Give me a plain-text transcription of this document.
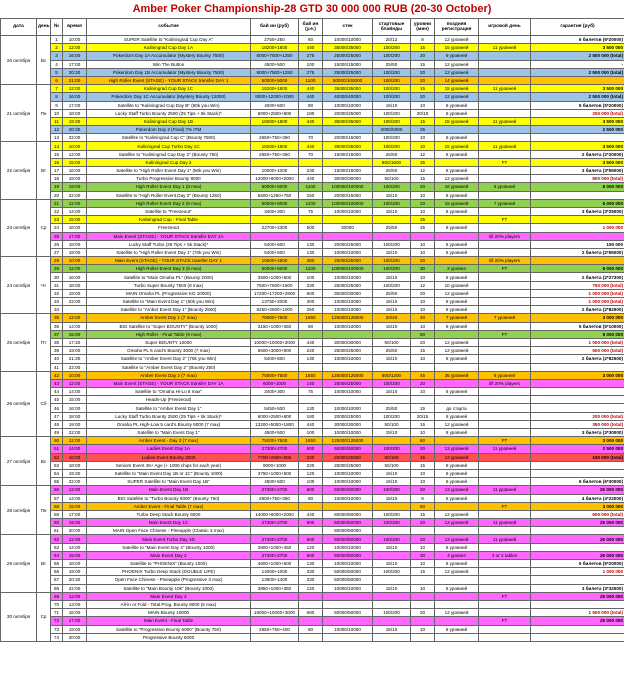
Amber Poker Championship-28 GTD 30 000 000 RUB (20-30 October)
дата	день	№	время	событие	бай ин (руб)	бай ин (у.е.)	стек	стартовые блайнды	уровни (мин)	поздняя регистрация	игровой день	гарантия (руб)
20 октября	Вс	1	10:00	SUPER Satellite to "Kaliningrad Cup Day A"	2750+250	60	10000/10000	20/12	8	12 уровней		6 билетов (6*20000)
		2	12:00	Kaliningrad Cup Day 1A	18200+1800	440	35000/35000	100/200	15	15 уровней	11 уровней	3 500 000
		3	16:00	Pokerdom Day 1A Accumulator (Mystery Bounty 7500)	5000+7500+1250	275	25000/25000	100/200	20	9 уровней		2 500 000 (total)
		4	17:00	Win The Button	4500+500	100	15000/15000	25/50	15	12 уровней		-
		5	20:30	Pokerdom Day 1B Accumulator (Mystery Bounty 7500)	5000+7500+1250	275	25000/25000	100/200	20	12 уровней		2 500 000 (total)
		6	21:00	High Roller Event (STAGE) - YOUR STACK transfer DAY 1	50000+5000	1100	50000/100000	100/200	20	14 уровней		
21 октября	Пн	7	12:00	Kaliningrad Cup Day 1C	18200+1800	440	35000/35000	100/200	15	15 уровней	11 уровней	3 500 000
		8	16:00	Pokerdom Day 1C Accumulator (Mystery Bounty 12000)	8000+12000+2000	440	40000/40000	100/200	20	12 уровней		2 500 000 (total)
		9	17:00	Satellite to "Kaliningrad Cup Day B" (50k you Win)	4000+500	90	10000/10000	15/10	10	6 уровней		5 билетов (5*20000)
		10	18:00	Lucky Staff Turbo Bounty 2500 (25 Tips + 5k Stack)*	6000+2500+800	180	20000/25000	100/200	20/15	6 уровней		250 000 (total)
		11	19:30	Kaliningrad Cup Day 1B	18200+1800	440	35000/35000	100/200	15	15 уровней	11 уровней	3 500 000
		12	20:30	Pokerdom Day 2 (Final) 7% ITM				2000/5000	25			2 500 000
		13	22:00	Satellite to "Kaliningrad Cup C" (Bounty 7500)	2650+750+350	70	20000/15000	100/200	10	6 уровней		
22 октября	Вт	14	10:00	Kaliningrad Cup Turbo Day 1C	18200+1800	440	35000/35000	100/200	10	15 уровней	11 уровней	3 500 000
		15	12:00	Satellite to "Kaliningrad Cup Day 2" (Bounty 750)	2650+750+350	70	15000/15000	25/50	12	6 уровней		2 билета (2*20000)
		16	15:00	Kaliningrad Cup Day 2				800/1600	35		FT	3 500 000
		17	16:00	Satellite to "High Roller Event Day 1" (50k you Win)	10000+1000	230	15000/15000	25/50	12	6 уровней		3 билета (3*55000)
		18	19:00	Turbo Progressive Bounty 8000	12000+8000+2000	440	30000/30000	50/100	15	12 уровней		800 000 (total)
		19	19:00	High Roller Event Day 1 (8 max)	50000+5000	1100	100000/100000	100/200	20	16 уровней	6 уровней	6 000 000
		20	22:00	Satellite to "High Roller Event Day 2" (Bounty 1250)	5500+1250+750	150	20000/15000	15/10	10	6 уровней		
23 октября	Ср	21	12:00	High Roller Event Day 2 (8 max)	50000+5000	1100	100000/100000	100/200	20	16 уровней	7 уровней	6 000 000
		22	14:00	Satellite to "Freezeout"	3400+300	75	10000/10000	15/10	10	6 уровней		3 билета (3*25000)
		23	15:00	Kaliningrad Cup - Final Table					35		FT	
		24	16:00	Freezeout	22700+2300	500	30000	25/50	25	8 уровней		1 000 000
		25	17:00	Main Event (STAGE) - YOUR STACK transfer DAY 1A							till 20% players	
		26	18:00	Lucky Staff Turbo (25 Tips + 5k Stack)*	5400+600	130	20000/25000	100/200	10	6 уровней		150 000
		27	19:00	Satellite to "High Roller Event Day 1" (70k you Win)	5400+500	130	10000/10000	15/10	10	6 уровней		2 билета (2*55000)
24 октября	Чт	28	10:00	Main Event (STAGE) - YOUR STACK transfer DAY 1	16500+2500	380	25000/25000	100/200	20		till 20% players	
		29	12:00	High Roller Event Day 3 (8 max)	50000+5000	1100	100000/100000	100/200	30	3 уровня	FT	6 000 000
		30	16:00	Satellite to "Main Omaha PL" (Bounty 2000)	3500+1000+500	100	10000/10000	15/10	10	6 уровней		2 билета (2*27300)
		31	18:00	Turbo Super Bounty 7500 (8 max)	7500+7500+1500	330	25000/25000	100/200	12	10 уровней		750 000 (total)
		32	19:00	MAIN Omaha PL (Progressive KO 10000)	17200+17200+2800	600	30000/30000	25/50	20	12 уровней		1 000 000 (total)
		33	22:00	Satellite to "Main Event Day 1" (60k you Win)	13750+2000	300	10000/10000	15/10	10	6 уровней		1 000 000 (total)
		34		Satellite to "Amber Event Day 1" (Bounty 2500)	8250+2500+1000	250	10000/10000	15/10	10	6 уровней		2 билета (2*82500)
25 октября	Пт	35	12:00	Amber Event Day 1 (7 max)	75000+7500	1650	125000/125000	20/40	40	7 уровней	7 уровней	3 000 000
		36	14:00	BIG Satellite to "Super BOUNTY" (Bounty 1000)	3150+1000+350	90	10000/10000	15/10	10	6 уровней		5 билетов (5*10000)
		37	15:00	High Roller - Final Table (9 max)					60		FT	6 000 000
		38	17:30	Super BOUNTY 10000	10000+10000+2000	440	30000/30000	50/100	20	12 уровней		1 000 000 (total)
		39	19:00	Omaha PL 5 card's Bounty 3000 (7 max)	6500+3000+900	220	25000/25000	25/50	15	12 уровней		500 000 (total)
		40	21:30	Satellite to "Amber Event Day 2" (75k you Win)	5400+500	130	10000/10000	15/10	10	6 уровней		2 билета (2*82500)
		41	22:00	Satellite to "Amber Event Day 2" (Bounty 250)								
26 октября	Сб	42	10:00	Amber Event Day 2 (7 max)	75000+7500	1650	125000/125000	600/1200	45	35 уровней	6 уровней	3 000 000
		43	12:00	Main Event (STAGE) - YOUR STACK transfer DAY 1A	6000+1000	140	25000/25000	100/200	20		till 20% players	
		44	14:00	Satellite to "Omaha Hi-Lo 8 max"	3400+300	75	10000/10000	15/10	10	6 уровней		
		45	15:00	Heads-Up (Freezeout)								
		46	16:00	Satellite to "Amber Event Day 1"	5450+500	130	10000/10000	25/50	15	до старта		
		47	18:00	Lucky Staff Turbo Bounty 2500 (25 Tips + 5k Stack)*	6000+2500+800	180	20000/25000	100/200	20/15	6 уровней		200 000 (total)
		48	19:00	Omaha PL High-Low 5 card's Bounty 5000 (7 max)	13200+5000+1800	440	30000/30000	50/100	15	12 уровней		350 000 (total)
		49	22:00	Satellite to "Main Event Day 1"	4500+500	100	10000/10000	15/10	10	6 уровней		3 билета (3*30000)
27 октября	Вс	50	12:00	Amber Event - Day 3 (7 max)	75000+7500	1650	125000/125000		60		FT	3 000 000
		51	14:00	Ladies Event Day 1A	27300+2700	600	50000/50000	100/200	20	13 уровней	11 уровней	2 500 000
		52	16:00	Ladies Event Bounty 2500	7700+2500+800	220	25000/25000	50/100	15	12 уровней		150 000 (total)
		53	18:00	Seniors Event 45+ Age (+ 1000 chips for each year)	9000+1000	220	25000/25000	50/100	15	8 уровней		
		54	19:30	Satellite to "Main Event Day 1B or 1C" (Bounty 1000)	3750+1000+500	120	10000/10000	15/10	10	6 уровней		
		55	22:00	SUPER Satellite to "Main Event Day 1B"	4500+500	100	10000/10000	15/10	10	6 уровней		6 билетов (6*30000)
28 октября	Пн	56	12:00	Main Event Day 1B	27300+2700	600	50000/50000	100/200	20	13 уровней	11 уровней	25 000 000
		57	14:00	BIG Satellite to "Turbo Bounty 6000" (Bounty 750)	2900+750+350	80	10000/10000	15/10	8	6 уровней		4 билета (4*22000)
		58	15:00	Amber Event - Final Table (7 max)					60		FT	3 000 000
		59	17:00	Turbo Deep Stack Bounty 6000	14000+6000+2000	440	60000/60000	100/200	15	12 уровней		600 000 (total)
		60	19:30	Main Event Day 1C	27300+2700	600	50000/50000	100/200	20	13 уровней	11 уровней	25 000 000
		61	20:00	MAIN Open Face Chinese - Pineapple (Classic 3 max)			50000/50000					
29 октября	Вт	62	12:00	Main Event Turbo Day 1D	27300+2700	600	50000/50000	100/200	20	13 уровней	11 уровней	25 000 000
		63	14:00	Satellite to "Main Event Day 2" (Bounty 1000)	3800+1000+450	120	10000/10000	15/10	10	6 уровней		
		64	15:00	Main Event Day 2	27300+2700	600	50000/50000		30	4 уровня	3 or 2 tables	25 000 000
		65	18:00	Satellite to "PHOENIX" (Bounty 1000)	4600+1000+500	130	10000/10000	15/10	10	6 уровней		5 билетов (5*20000)
		66	19:00	PHOENIX Turbo Deep Stack (DOUBLE LIFE)	14000+1000	330	50000/50000	100/200	15	12 уровней		1 000 000
		67	20:30	Open Face Chinese - Pineapple (Progressive 3 max)	13600+1400	330	50000/50000					
		68	22:00	Satellite to "Main Bounty 10k" (Bounty 1000)	3850+1000+350	120	10000/10000	15/10	10	6 уровней		3 билета (3*32500)
30 октября	Ср	69	12:00	Main Event Day 3							FT	25 000 000
		70	13:00	All-in or Fold - Total Prog. Bounty 8000 (6 max)								
		71	16:00	MAIN Bounty 10000	19000+10000+3000	680	50000/50000	100/200	20	12 уровней		1 500 000 (total)
		72	17:00	Main Event - Final Table							FT	25 000 000
		73	19:00	Satellite to "Progressive Bounty 6000" (Bounty 750)	2850+750+400	80	10000/10000	15/10	10	6 уровней		
		74	20:00	Progressive Bounty 6000								
